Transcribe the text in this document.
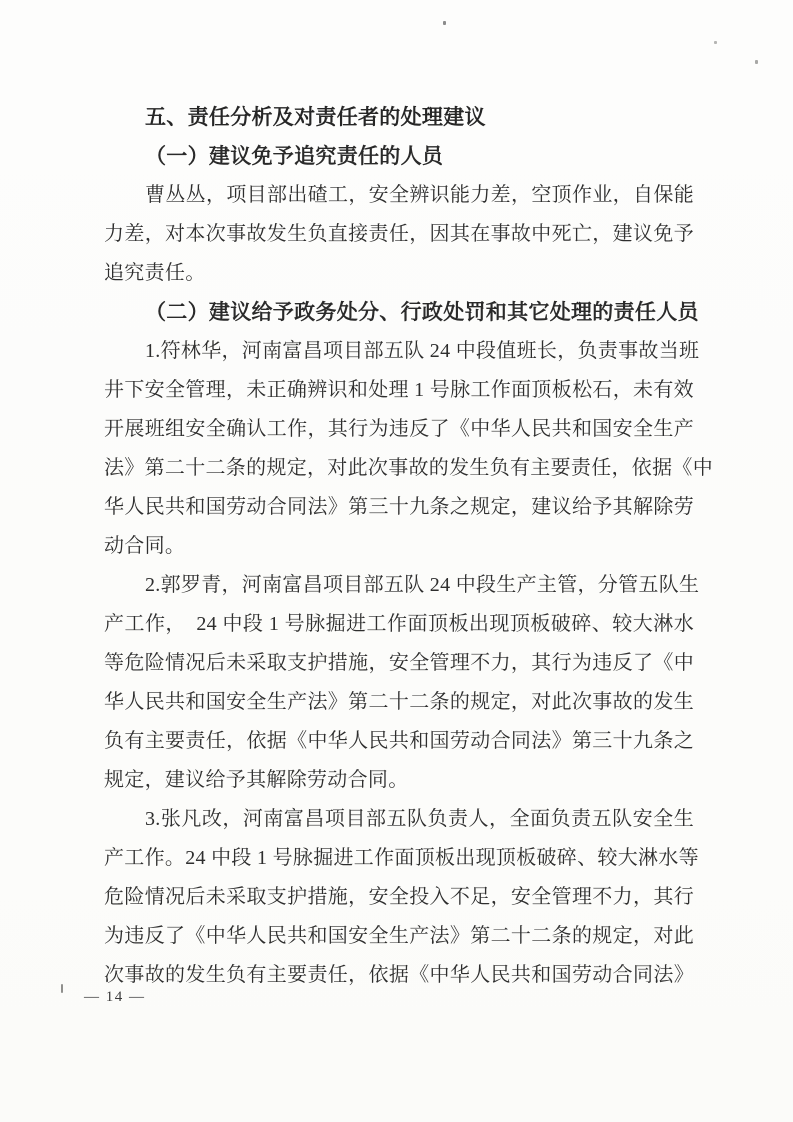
五、责任分析及对责任者的处理建议
（一）建议免予追究责任的人员
曹丛丛，项目部出碴工，安全辨识能力差，空顶作业，自保能
力差，对本次事故发生负直接责任，因其在事故中死亡，建议免予
追究责任。
（二）建议给予政务处分、行政处罚和其它处理的责任人员
1.符林华，河南富昌项目部五队 24 中段值班长，负责事故当班
井下安全管理，未正确辨识和处理 1 号脉工作面顶板松石，未有效
开展班组安全确认工作，其行为违反了《中华人民共和国安全生产
法》第二十二条的规定，对此次事故的发生负有主要责任，依据《中
华人民共和国劳动合同法》第三十九条之规定，建议给予其解除劳
动合同。
2.郭罗青，河南富昌项目部五队 24 中段生产主管，分管五队生
产工作，　24 中段 1 号脉掘进工作面顶板出现顶板破碎、较大淋水
等危险情况后未采取支护措施，安全管理不力，其行为违反了《中
华人民共和国安全生产法》第二十二条的规定，对此次事故的发生
负有主要责任，依据《中华人民共和国劳动合同法》第三十九条之
规定，建议给予其解除劳动合同。
3.张凡改，河南富昌项目部五队负责人，全面负责五队安全生
产工作。24 中段 1 号脉掘进工作面顶板出现顶板破碎、较大淋水等
危险情况后未采取支护措施，安全投入不足，安全管理不力，其行
为违反了《中华人民共和国安全生产法》第二十二条的规定，对此
次事故的发生负有主要责任，依据《中华人民共和国劳动合同法》
— 14 —
